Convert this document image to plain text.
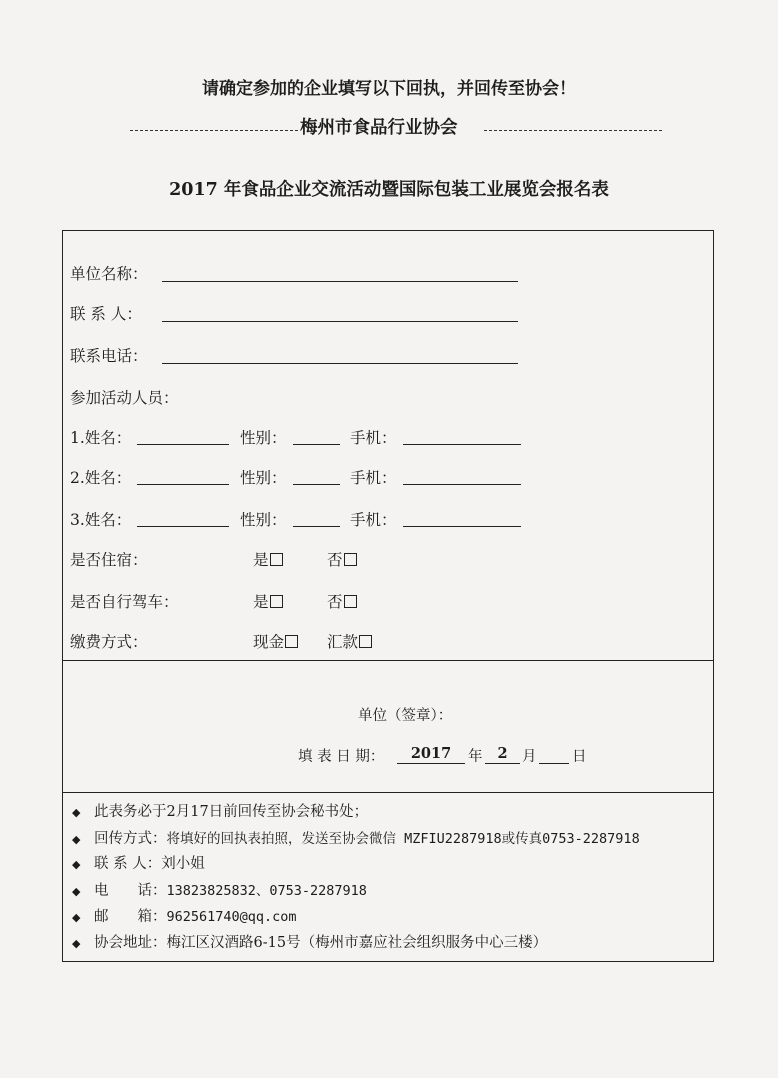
请确定参加的企业填写以下回执，并回传至协会！
梅州市食品行业协会
2017 年食品企业交流活动暨国际包装工业展览会报名表
单位名称：
联 系 人：
联系电话：
参加活动人员：
1.姓名：	性别：	手机：
2.姓名：	性别：	手机：
3.姓名：	性别：	手机：
是否住宿：	是	否
是否自行驾车：	是	否
缴费方式：	现金	汇款
单位（签章）：
填 表 日 期：	2017	年	2 月 日
◆ 此表务必于2月17日前回传至协会秘书处；
◆ 回传方式：将填好的回执表拍照，发送至协会微信 MZFIU2287918或传真0753-2287918
◆ 联 系 人：刘小姐
◆ 电　　话：13823825832、0753-2287918
◆ 邮　　箱：962561740@qq.com
◆ 协会地址：梅江区汉酒路6-15号（梅州市嘉应社会组织服务中心三楼）
